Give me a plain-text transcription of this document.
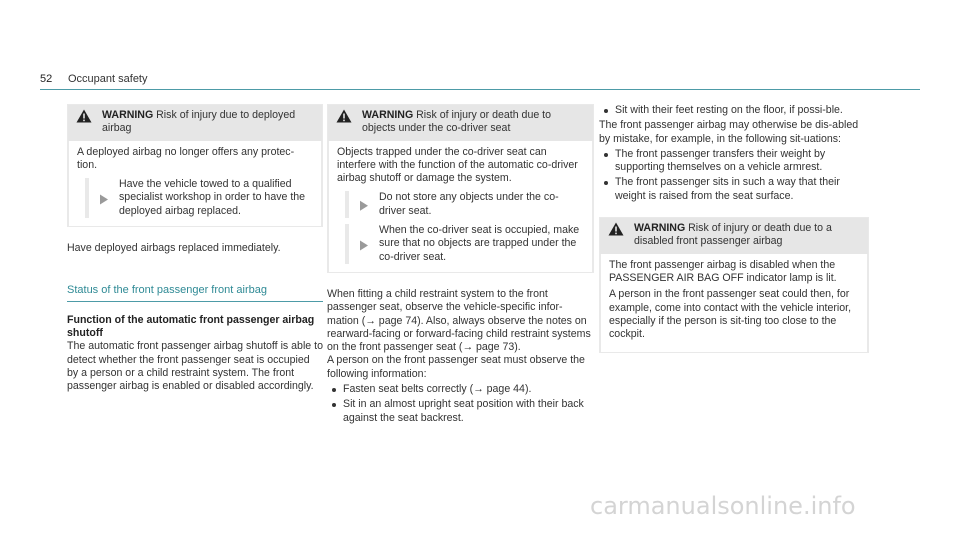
52 Occupant safety
WARNING Risk of injury due to deployed airbag

A deployed airbag no longer offers any protec-tion.

Have the vehicle towed to a qualified specialist workshop in order to have the deployed airbag replaced.

Have deployed airbags replaced immediately.

Status of the front passenger front airbag
Function of the automatic front passenger airbag shutoff

The automatic front passenger airbag shutoff is able to detect whether the front passenger seat is occupied by a person or a child restraint system. The front passenger airbag is enabled or disabled accordingly.

WARNING Risk of injury or death due to objects under the co-driver seat

Objects trapped under the co-driver seat can interfere with the function of the automatic co-driver airbag shutoff or damage the system.

Do not store any objects under the co-driver seat.
When the co-driver seat is occupied, make sure that no objects are trapped under the co-driver seat.

When fitting a child restraint system to the front passenger seat, observe the vehicle-specific infor-mation (→ page 74). Also, always observe the notes on rearward-facing or forward-facing child restraint systems on the front passenger seat (→ page 73).

A person on the front passenger seat must observe the following information:

Fasten seat belts correctly (→ page 44).
Sit in an almost upright seat position with their back against the seat backrest.
Sit with their feet resting on the floor, if possi-ble.

The front passenger airbag may otherwise be dis-abled by mistake, for example, in the following sit-uations:

The front passenger transfers their weight by supporting themselves on a vehicle armrest.
The front passenger sits in such a way that their weight is raised from the seat surface.
WARNING Risk of injury or death due to a disabled front passenger airbag

The front passenger airbag is disabled when the PASSENGER AIR BAG OFF indicator lamp is lit.

A person in the front passenger seat could then, for example, come into contact with the vehicle interior, especially if the person is sit-ting too close to the cockpit.

carmanualsonline.info
